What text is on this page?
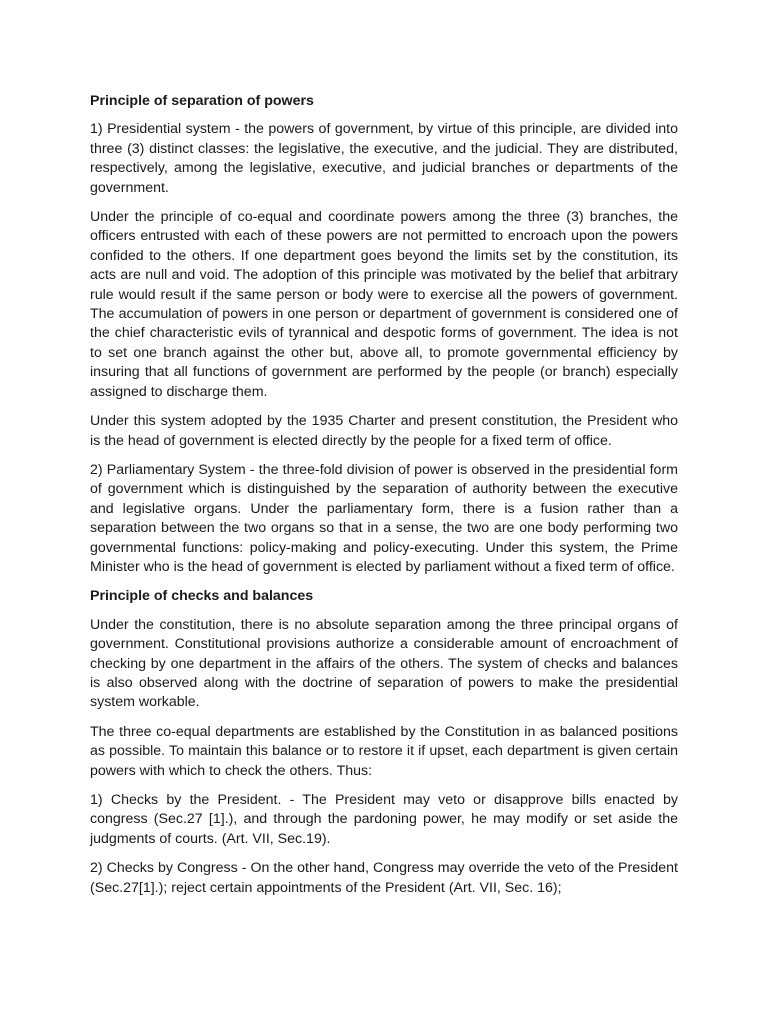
Principle of separation of powers

1) Presidential system - the powers of government, by virtue of this principle, are divided into three (3) distinct classes: the legislative, the executive, and the judicial. They are distributed, respectively, among the legislative, executive, and judicial branches or departments of the government.

Under the principle of co-equal and coordinate powers among the three (3) branches, the officers entrusted with each of these powers are not permitted to encroach upon the powers confided to the others. If one department goes beyond the limits set by the constitution, its acts are null and void. The adoption of this principle was motivated by the belief that arbitrary rule would result if the same person or body were to exercise all the powers of government. The accumulation of powers in one person or department of government is considered one of the chief characteristic evils of tyrannical and despotic forms of government. The idea is not to set one branch against the other but, above all, to promote governmental efficiency by insuring that all functions of government are performed by the people (or branch) especially assigned to discharge them.

Under this system adopted by the 1935 Charter and present constitution, the President who is the head of government is elected directly by the people for a fixed term of office.

2) Parliamentary System - the three-fold division of power is observed in the presidential form of government which is distinguished by the separation of authority between the executive and legislative organs. Under the parliamentary form, there is a fusion rather than a separation between the two organs so that in a sense, the two are one body performing two governmental functions: policy-making and policy-executing. Under this system, the Prime Minister who is the head of government is elected by parliament without a fixed term of office.

Principle of checks and balances

Under the constitution, there is no absolute separation among the three principal organs of government. Constitutional provisions authorize a considerable amount of encroachment of checking by one department in the affairs of the others. The system of checks and balances is also observed along with the doctrine of separation of powers to make the presidential system workable.

The three co-equal departments are established by the Constitution in as balanced positions as possible. To maintain this balance or to restore it if upset, each department is given certain powers with which to check the others. Thus:

1) Checks by the President. - The President may veto or disapprove bills enacted by congress (Sec.27 [1].), and through the pardoning power, he may modify or set aside the judgments of courts. (Art. VII, Sec.19).

2) Checks by Congress - On the other hand, Congress may override the veto of the President (Sec.27[1].); reject certain appointments of the President (Art. VII, Sec. 16);
